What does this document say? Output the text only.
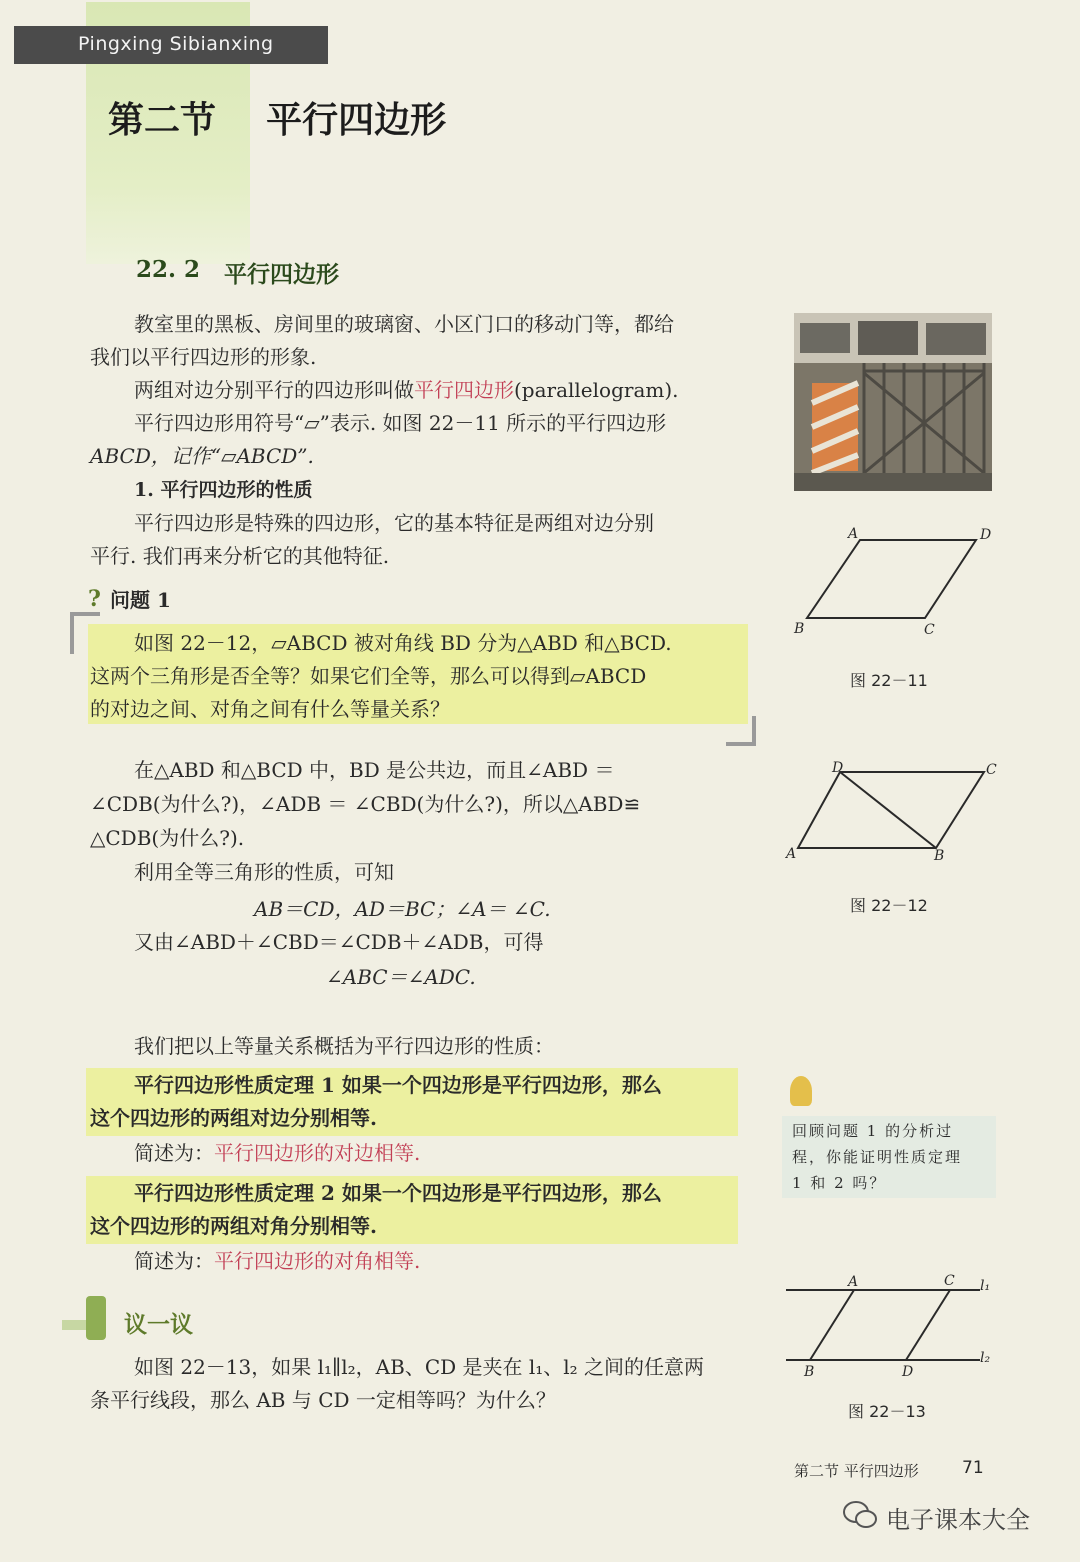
Pingxing Sibianxing
第二节    平行四边形
22. 2 平行四边形
教室里的黑板、房间里的玻璃窗、小区门口的移动门等，都给
我们以平行四边形的形象.
两组对边分别平行的四边形叫做平行四边形(parallelogram).
平行四边形用符号“▱”表示. 如图 22－11 所示的平行四边形
ABCD，记作“▱ABCD”.
1. 平行四边形的性质
平行四边形是特殊的四边形，它的基本特征是两组对边分别
平行. 我们再来分析它的其他特征.
? 问题 1
如图 22－12，▱ABCD 被对角线 BD 分为△ABD 和△BCD.
这两个三角形是否全等？如果它们全等，那么可以得到▱ABCD
的对边之间、对角之间有什么等量关系？
在△ABD 和△BCD 中，BD 是公共边，而且∠ABD ＝
∠CDB(为什么?)，∠ADB ＝ ∠CBD(为什么?)，所以△ABD≌
△CDB(为什么?).
利用全等三角形的性质，可知
AB＝CD，AD＝BC；∠A＝ ∠C.
又由∠ABD＋∠CBD＝∠CDB＋∠ADB，可得
∠ABC＝∠ADC.
我们把以上等量关系概括为平行四边形的性质：
平行四边形性质定理 1 如果一个四边形是平行四边形，那么
这个四边形的两组对边分别相等.
简述为：平行四边形的对边相等.
平行四边形性质定理 2 如果一个四边形是平行四边形，那么
这个四边形的两组对角分别相等.
简述为：平行四边形的对角相等.
议一议
如图 22－13，如果 l₁∥l₂，AB、CD 是夹在 l₁、l₂ 之间的任意两
条平行线段，那么 AB 与 CD 一定相等吗？为什么？
A	D
B	C
图 22－11
D	C
A	B
图 22－12
回顾问题 1 的分析过
程，你能证明性质定理
1 和 2 吗？
A	C l₁
l₂
B	D
图 22－13
第二节 平行四边形	71
电子课本大全
